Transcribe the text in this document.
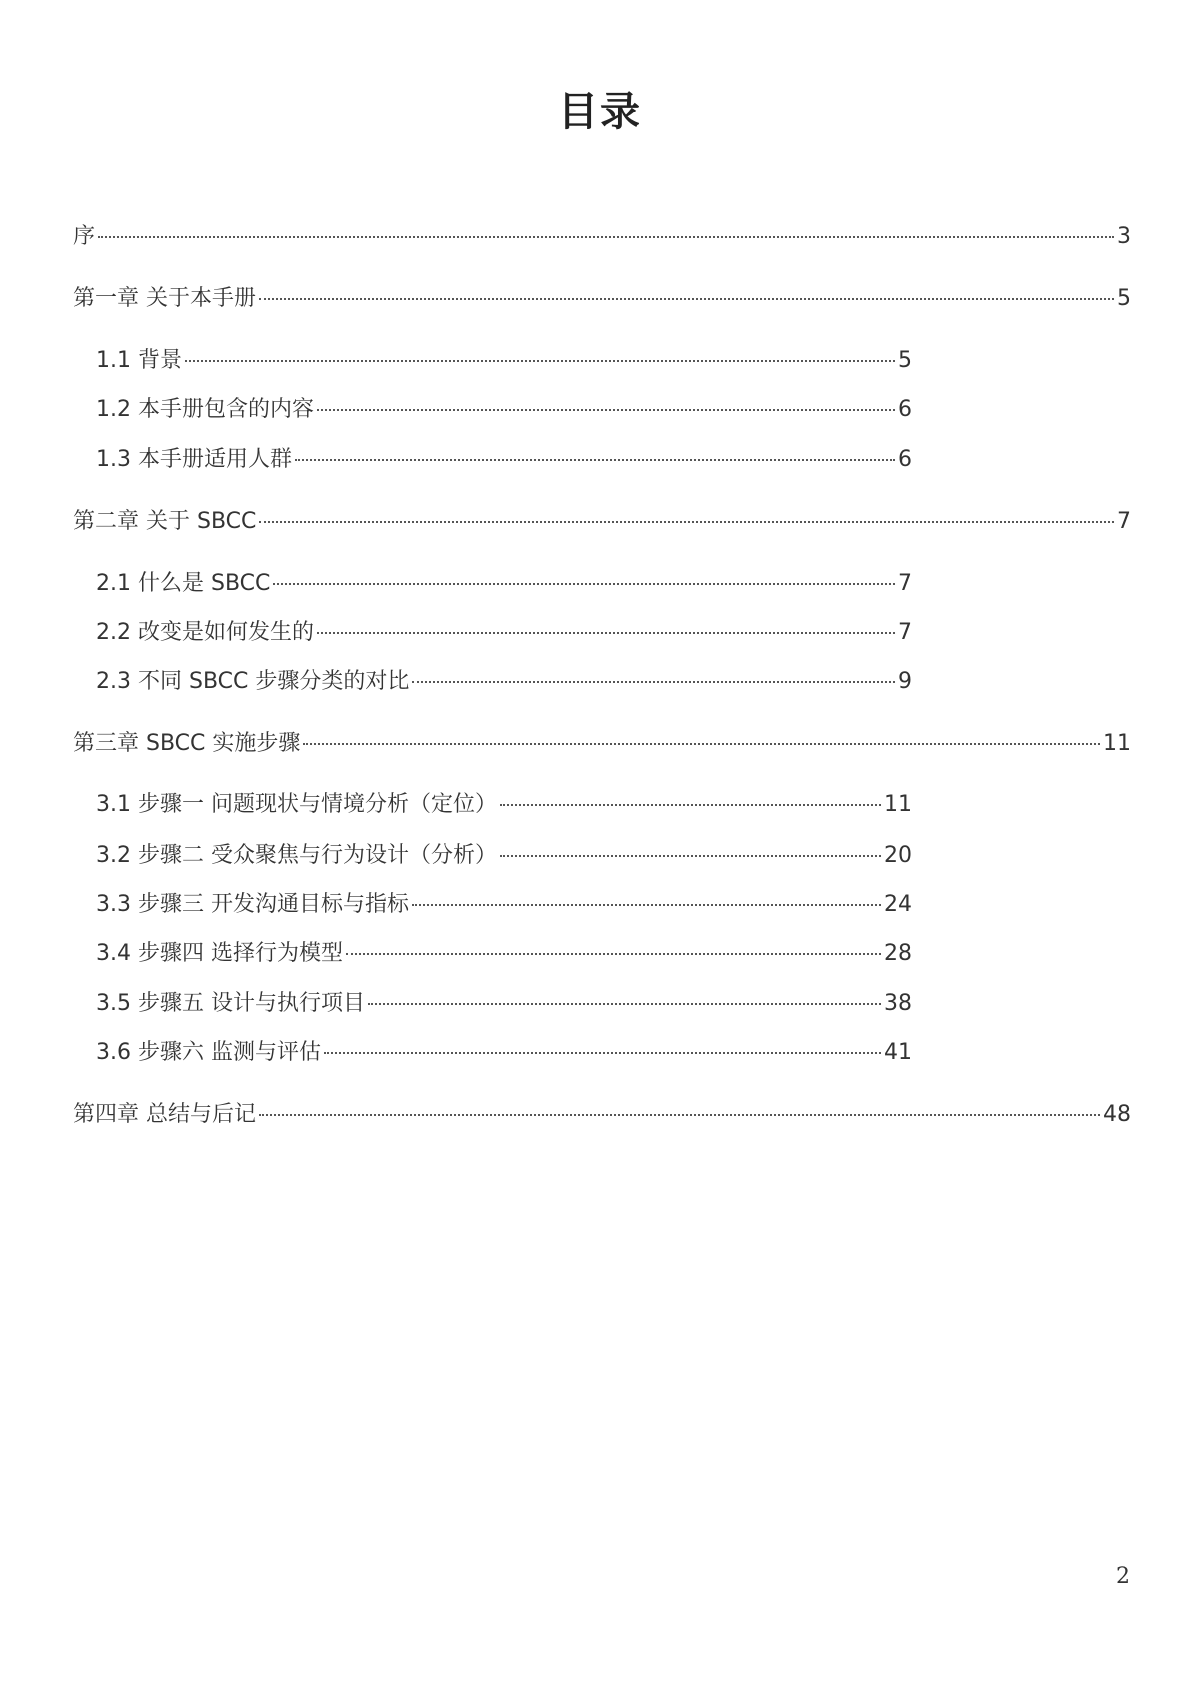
目录
序	3
第一章 关于本手册	5
1.1 背景	5
1.2 本手册包含的内容	6
1.3 本手册适用人群	6
第二章 关于 SBCC	7
2.1 什么是 SBCC	7
2.2 改变是如何发生的	7
2.3 不同 SBCC 步骤分类的对比	9
第三章 SBCC 实施步骤	11
3.1 步骤一 问题现状与情境分析（定位）	11
3.2 步骤二 受众聚焦与行为设计（分析）	20
3.3 步骤三 开发沟通目标与指标	24
3.4 步骤四 选择行为模型	28
3.5 步骤五 设计与执行项目	38
3.6 步骤六 监测与评估	41
第四章 总结与后记	48
2
